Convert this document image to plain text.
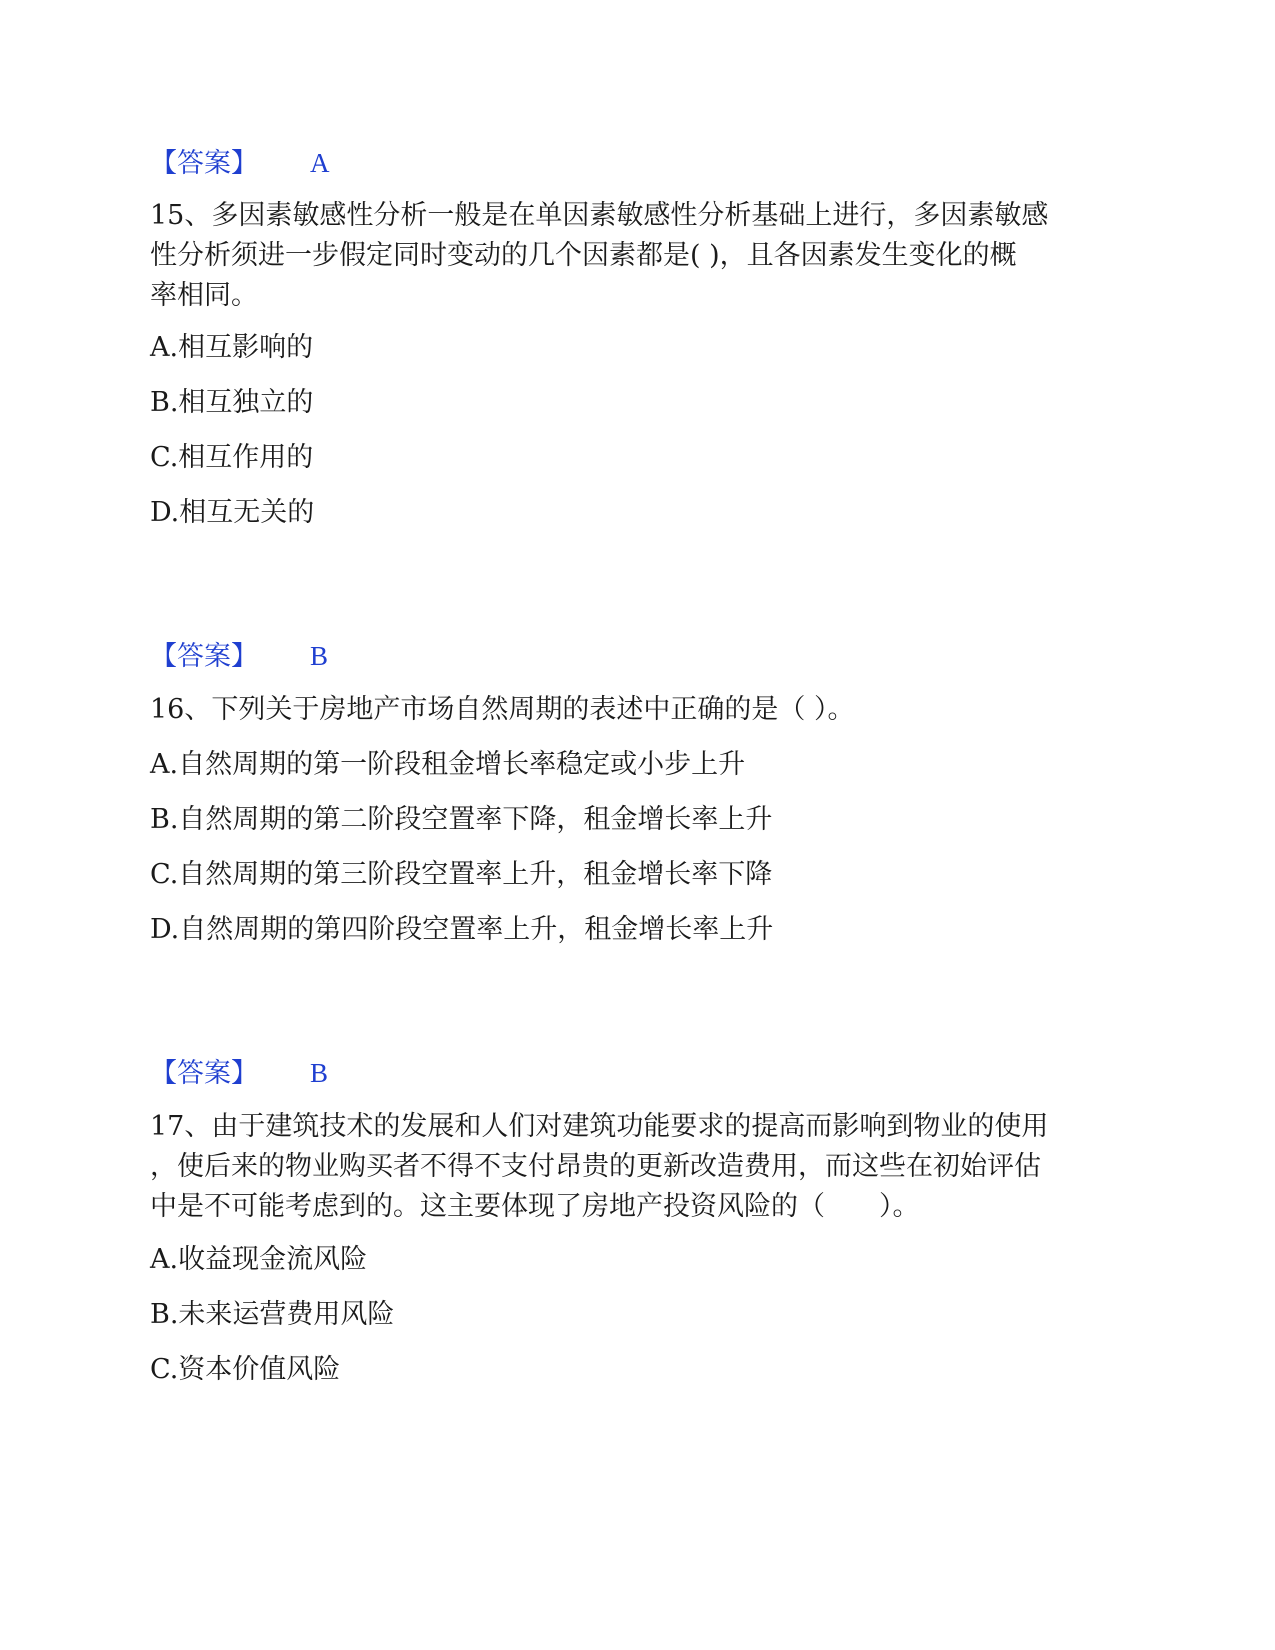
【答案】 A
15、多因素敏感性分析一般是在单因素敏感性分析基础上进行，多因素敏感
性分析须进一步假定同时变动的几个因素都是( )，且各因素发生变化的概
率相同。
A.相互影响的
B.相互独立的
C.相互作用的
D.相互无关的
【答案】 B
16、下列关于房地产市场自然周期的表述中正确的是（ ）。
A.自然周期的第一阶段租金增长率稳定或小步上升
B.自然周期的第二阶段空置率下降，租金增长率上升
C.自然周期的第三阶段空置率上升，租金增长率下降
D.自然周期的第四阶段空置率上升，租金增长率上升
【答案】 B
17、由于建筑技术的发展和人们对建筑功能要求的提高而影响到物业的使用
，使后来的物业购买者不得不支付昂贵的更新改造费用，而这些在初始评估
中是不可能考虑到的。这主要体现了房地产投资风险的（　　）。
A.收益现金流风险
B.未来运营费用风险
C.资本价值风险
